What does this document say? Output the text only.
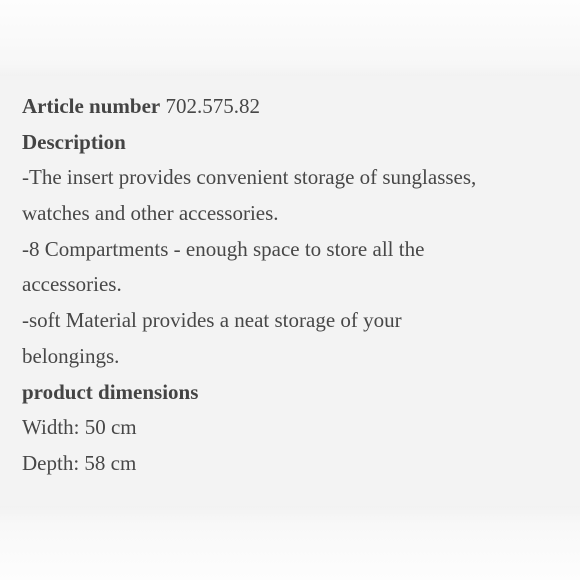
Article number 702.575.82
Description
-The insert provides convenient storage of sunglasses,
watches and other accessories.
-8 Compartments - enough space to store all the
accessories.
-soft Material provides a neat storage of your
belongings.
product dimensions
Width: 50 cm
Depth: 58 cm
